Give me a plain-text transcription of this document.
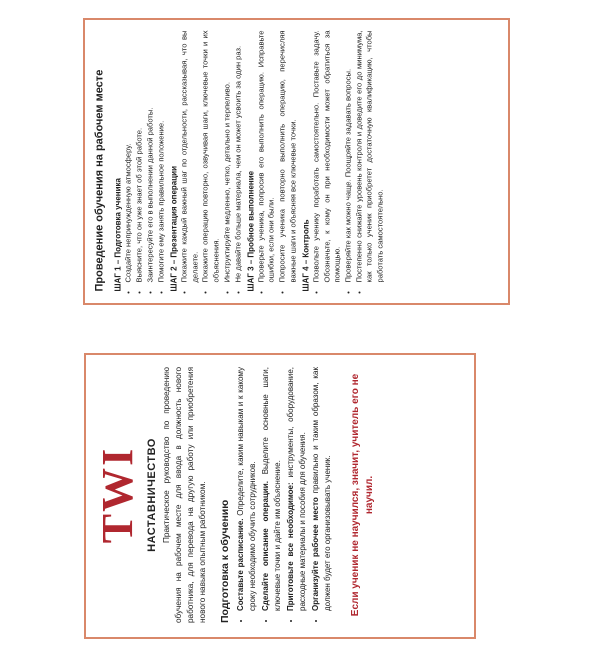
TWI НАСТАВНИЧЕСТВО Практическое руководство по проведению обучения на рабочем месте для ввода в должность нового работника, для перевода на другую работу или приобретения нового навыка опытным работником. Подготовка к обучению • Составьте расписание. Определите, каким навыкам и к какому сроку необходимо обучить сотрудников. • Сделайте описание операции. Выделите основные шаги, ключевые точки и дайте им объяснение. • Приготовьте все необходимое: инструменты, оборудование, расходные материалы и пособия для обучения. • Организуйте рабочее место правильно и таким образом, как должен будет его организовывать ученик. Если ученик не научился, значит, учитель его не научил.
Проведение обучения на рабочем месте ШАГ 1 – Подготовка ученика • Создайте непринужденную атмосферу. • Выясните, что он уже знает об этой работе. • Заинтересуйте его в выполнении данной работы. • Помогите ему занять правильное положение. ШАГ 2 – Презентация операции • Покажите каждый важный шаг по отдельности, рассказывая, что вы делаете. • Покажите операцию повторно, озвучивая шаги, ключевые точки и их объяснения. • Инструктируйте медленно, четко, детально и терпеливо. • Не давайте больше материала, чем он может усвоить за один раз. ШАГ 3 – Пробное выполнение • Проверьте ученика, попросив его выполнить операцию. Исправьте ошибки, если они были. • Попросите ученика повторно выполнить операцию, перечисляя важные шаги и объясняя все ключевые точки. ШАГ 4 – Контроль • Позвольте ученику поработать самостоятельно. Поставьте задачу. Обозначьте, к кому он при необходимости может обратиться за помощью. • Проверяйте как можно чаще. Поощряйте задавать вопросы. • Постепенно снижайте уровень контроля и доведите его до минимума, как только ученик приобретет достаточную квалификацию, чтобы работать самостоятельно.
